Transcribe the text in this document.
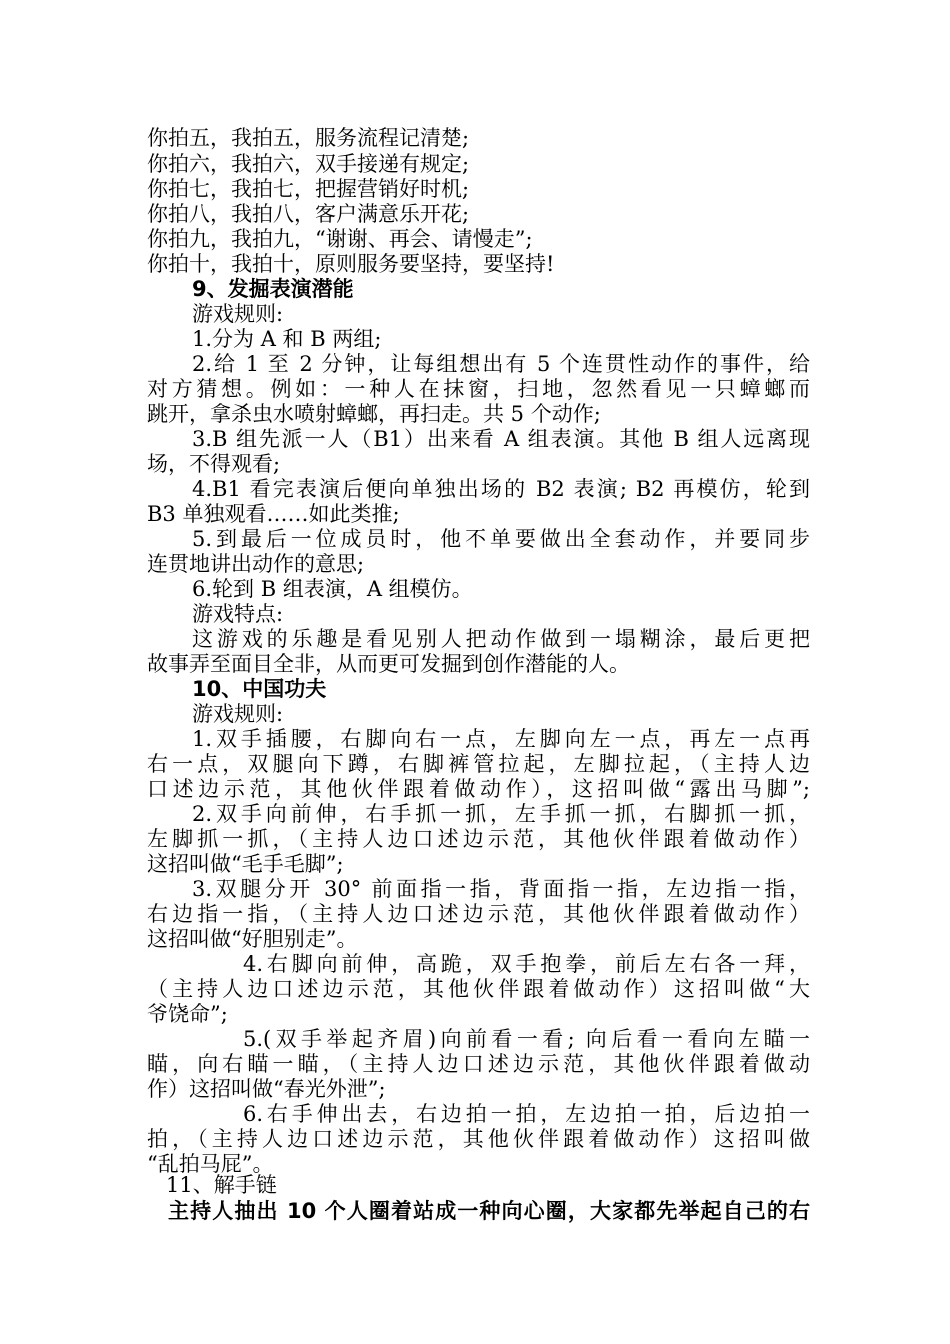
你拍五，我拍五，服务流程记清楚;
你拍六，我拍六，双手接递有规定;
你拍七，我拍七，把握营销好时机;
你拍八，我拍八，客户满意乐开花;
你拍九，我拍九，“谢谢、再会、请慢走”;
你拍十，我拍十，原则服务要坚持，要坚持!
9、发掘表演潜能
游戏规则:
1.分为 A 和 B 两组;
2.给 1 至 2 分钟，让每组想出有 5 个连贯性动作的事件，给
对方猜想。例如：一种人在抹窗，扫地，忽然看见一只蟑螂而
跳开，拿杀虫水喷射蟑螂，再扫走。共 5 个动作;
3.B 组先派一人（B1）出来看 A 组表演。其他 B 组人远离现
场，不得观看;
4.B1 看完表演后便向单独出场的 B2 表演; B2 再模仿，轮到
B3 单独观看……如此类推;
5.到最后一位成员时，他不单要做出全套动作，并要同步
连贯地讲出动作的意思;
6.轮到 B 组表演，A 组模仿。
游戏特点:
这游戏的乐趣是看见别人把动作做到一塌糊涂，最后更把
故事弄至面目全非，从而更可发掘到创作潜能的人。
10、中国功夫
游戏规则:
1.双手插腰，右脚向右一点，左脚向左一点，再左一点再
右一点，双腿向下蹲，右脚裤管拉起，左脚拉起，（主持人边
口述边示范，其他伙伴跟着做动作），这招叫做“露出马脚”;
2.双手向前伸，右手抓一抓，左手抓一抓，右脚抓一抓，
左脚抓一抓，（主持人边口述边示范，其他伙伴跟着做动作）
这招叫做“毛手毛脚”;
3.双腿分开 30° 前面指一指，背面指一指，左边指一指，
右边指一指，（主持人边口述边示范，其他伙伴跟着做动作）
这招叫做“好胆别走”。
4.右脚向前伸，高跪，双手抱拳，前后左右各一拜，
（主持人边口述边示范，其他伙伴跟着做动作）这招叫做“大
爷饶命”;
5.(双手举起齐眉)向前看一看; 向后看一看向左瞄一
瞄，向右瞄一瞄，（主持人边口述边示范，其他伙伴跟着做动
作）这招叫做“春光外泄”;
6.右手伸出去，右边拍一拍，左边拍一拍，后边拍一
拍，（主持人边口述边示范，其他伙伴跟着做动作）这招叫做
“乱拍马屁”。
11、解手链
主持人抽出 10 个人圈着站成一种向心圈，大家都先举起自己的右
